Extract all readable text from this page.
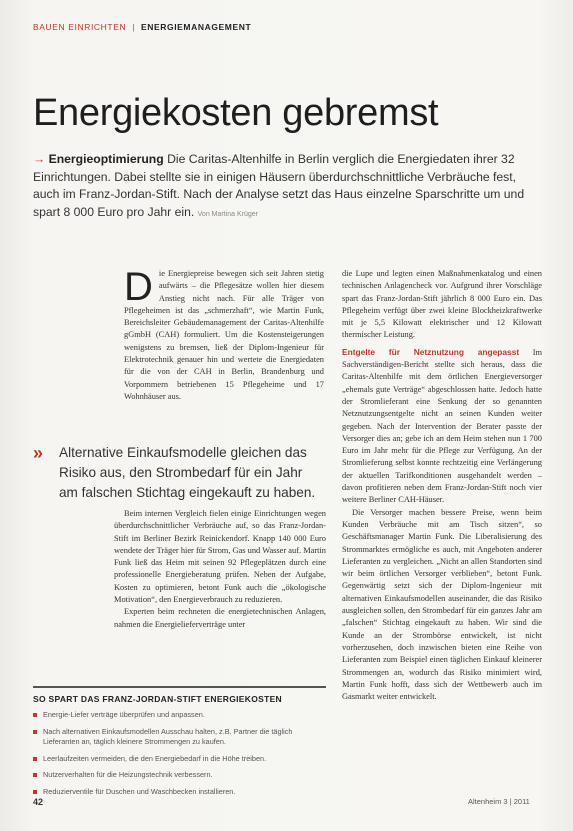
BAUEN EINRICHTEN | ENERGIEMANAGEMENT
Energiekosten gebremst
→ Energieoptimierung Die Caritas-Altenhilfe in Berlin verglich die Energiedaten ihrer 32 Einrichtungen. Dabei stellte sie in einigen Häusern überdurchschnittliche Verbräuche fest, auch im Franz-Jordan-Stift. Nach der Analyse setzt das Haus einzelne Sparschritte um und spart 8 000 Euro pro Jahr ein. Von Martina Krüger
D ie Energiepreise bewegen sich seit Jahren stetig aufwärts – die Pflegesätze wollen hier diesem Anstieg nicht nach. Für alle Träger von Pflegeheimen ist das „schmerzhaft“, wie Martin Funk, Bereichsleiter Gebäudemanagement der Caritas-Altenhilfe gGmbH (CAH) formuliert. Um die Kostensteigerungen wenigstens zu bremsen, ließ der Diplom-Ingenieur für Elektrotechnik genauer hin und wertete die Energiedaten für die von der CAH in Berlin, Brandenburg und Vorpommern betriebenen 15 Pflegeheime und 17 Wohnhäuser aus.

» Alternative Einkaufsmodelle gleichen das Risiko aus, den Strombedarf für ein Jahr am falschen Stichtag eingekauft zu haben.

Beim internen Vergleich fielen einige Einrichtungen wegen überdurchschnittlicher Verbräuche auf, so das Franz-Jordan-Stift im Berliner Bezirk Reinickendorf. Knapp 140 000 Euro wendete der Träger hier für Strom, Gas und Wasser auf. Martin Funk ließ das Heim mit seinen 92 Pflegeplätzen durch eine professionelle Energieberatung prüfen. Neben der Aufgabe, Kosten zu optimieren, betont Funk auch die „ökologische Motivation“, den Energieverbrauch zu reduzieren.

Experten beim rechneten die energietechnischen Anlagen, nahmen die Energielieferverträge unter

die Lupe und legten einen Maßnahmenkatalog und einen technischen Anlagencheck vor. Aufgrund ihrer Vorschläge spart das Franz-Jordan-Stift jährlich 8 000 Euro ein. Das Pflegeheim verfügt über zwei kleine Blockheizkraftwerke mit je 5,5 Kilowatt elektrischer und 12 Kilowatt thermischer Leistung.

Entgelte für Netznutzung angepasst Im Sachverständigen-Bericht stellte sich heraus, dass die Caritas-Altenhilfe mit dem örtlichen Energieversorger „ehemals gute Verträge“ abgeschlossen hatte. Jedoch hatte der Stromlieferant eine Senkung der so genannten Netznutzungsentgelte nicht an seinen Kunden weiter gegeben. Nach der Intervention der Berater passte der Versorger dies an; gebe ich an dem Heim stehen nun 1 700 Euro im Jahr mehr für die Pflege zur Verfügung. An der Stromlieferung selbst konnte rechtzeitig eine Verlängerung der aktuellen Tarifkonditionen ausgehandelt werden – davon profitieren neben dem Franz-Jordan-Stift noch vier weitere Berliner CAH-Häuser.

Die Versorger machen bessere Preise, wenn beim Kunden Verbräuche mit am Tisch sitzen“, so Geschäftsmanager Martin Funk. Die Liberalisierung des Strommarktes ermögliche es auch, mit Angeboten anderer Lieferanten zu vergleichen. „Nicht an allen Standorten sind wir beim örtlichen Versorger verblieben“, betont Funk. Gegenwärtig setzt sich der Diplom-Ingenieur mit alternativen Einkaufsmodellen auseinander, die das Risiko ausgleichen sollen, den Strombedarf für ein ganzes Jahr am „falschen“ Stichtag eingekauft zu haben. Wir sind die Kunde an der Strombörse entwickelt, ist nicht vorherzusehen, doch inzwischen bieten eine Reihe von Lieferanten zum Beispiel einen täglichen Einkauf kleinerer Strommengen an, wodurch das Risiko minimiert wird, Martin Funk hofft, dass sich der Wettbewerb auch im Gasmarkt weiter entwickelt.

SO SPART DAS FRANZ-JORDAN-STIFT ENERGIEKOSTEN
Energie-Liefer verträge überprüfen und anpassen.
Nach alternativen Einkaufsmodellen Ausschau halten, z.B. Partner die täglich Lieferanten an, täglich kleinere Strommengen zu kaufen.
Leerlaufzeiten vermeiden, die den Energiebedarf in die Höhe treiben.
Nutzerverhalten für die Heizungstechnik verbessern.
Reduzierventile für Duschen und Waschbecken installieren.
42	Altenheim 3 | 2011
